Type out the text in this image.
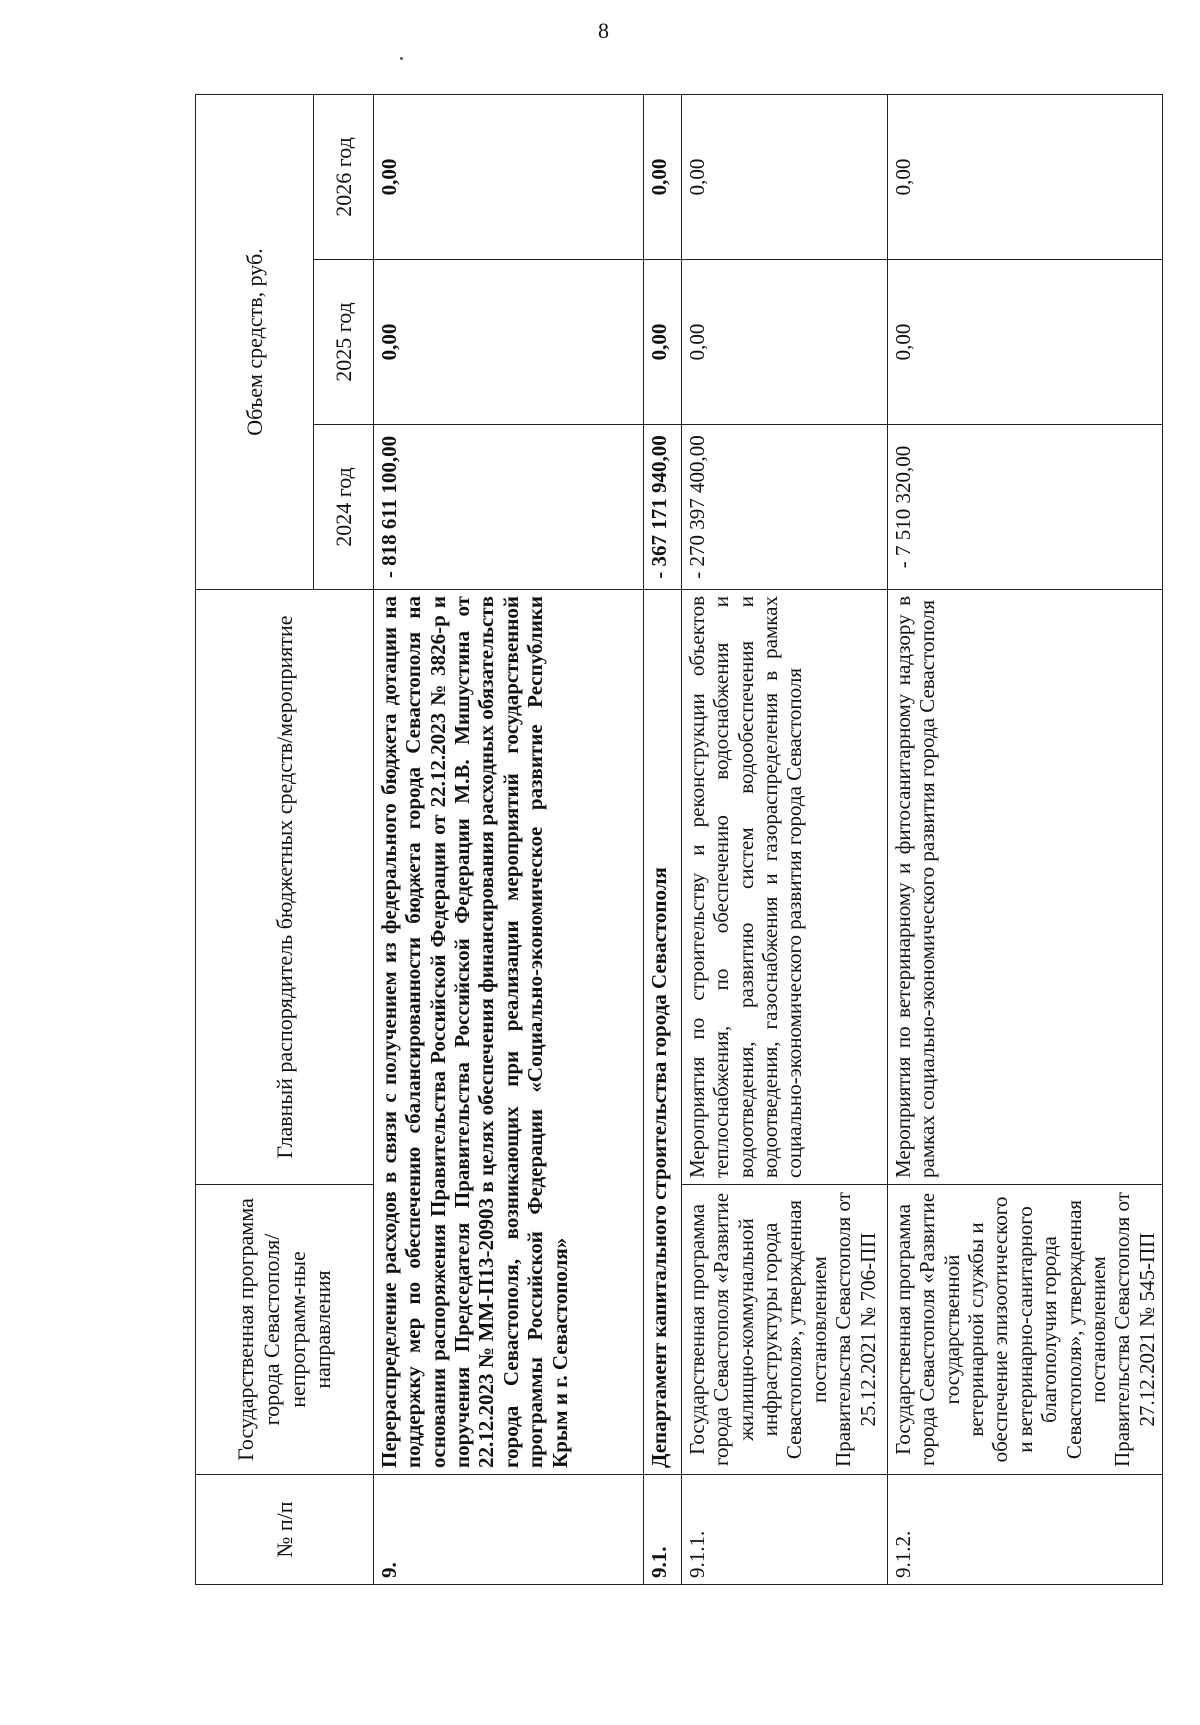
8
№ п/п	Государственная программа города Севастополя/непрограмм-ные направления	Главный распорядитель бюджетных средств/мероприятие	Объем средств, руб.		
			2024 год	2025 год	2026 год
9.	Перераспределение расходов в связи с получением из федерального бюджета дотации на поддержку мер по обеспечению сбалансированности бюджета города Севастополя на основании распоряжения Правительства Российской Федерации от 22.12.2023 № 3826-р и поручения Председателя Правительства Российской Федерации М.В. Мишустина от 22.12.2023 № ММ-П13-20903 в целях обеспечения финансирования расходных обязательств города Севастополя, возникающих при реализации мероприятий государственной программы Российской Федерации «Социально-экономическое развитие Республики Крым и г. Севастополя»		- 818 611 100,00	0,00	0,00
9.1.	Департамент капитального строительства города Севастополя		- 367 171 940,00	0,00	0,00
9.1.1.	Государственная программа города Севастополя «Развитие жилищно-коммунальной инфраструктуры города Севастополя», утвержденная постановлением Правительства Севастополя от 25.12.2021 № 706-ПП	Мероприятия по строительству и реконструкции объектов теплоснабжения, по обеспечению водоснабжения и водоотведения, развитию систем водообеспечения и водоотведения, газоснабжения и газораспределения в рамках социально-экономического развития города Севастополя	- 270 397 400,00	0,00	0,00
9.1.2.	Государственная программа города Севастополя «Развитие государственной ветеринарной службы и обеспечение эпизоотического и ветеринарно-санитарного благополучия города Севастополя», утвержденная постановлением Правительства Севастополя от 27.12.2021 № 545-ПП	Мероприятия по ветеринарному и фитосанитарному надзору в рамках социально-экономического развития города Севастополя	- 7 510 320,00	0,00	0,00
